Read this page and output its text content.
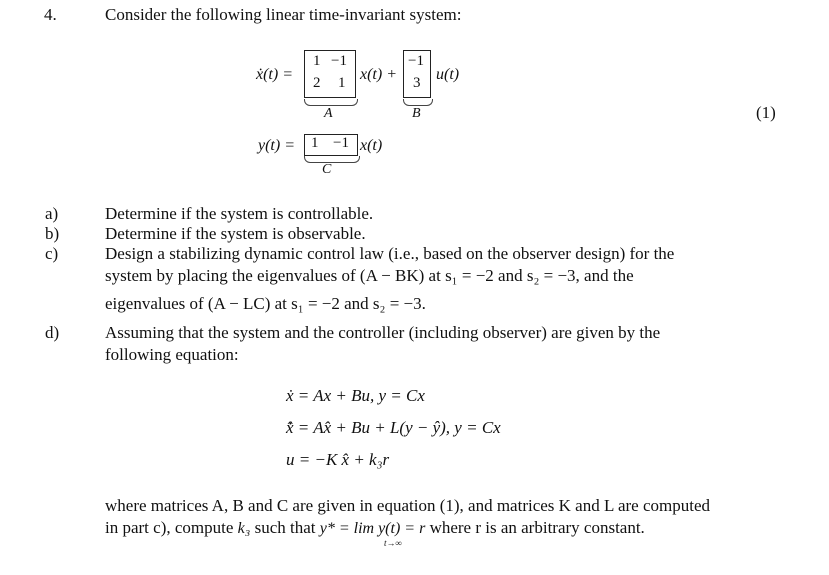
4.	Consider the following linear time-invariant system:
ẋ(t) =
1 −1
2 1
A
x(t) +
−1
3
B
u(t)
(1)
y(t) = 1 −1 x(t)
C
a)	Determine if the system is controllable.
b)	Determine if the system is observable.
c)	Design a stabilizing dynamic control law (i.e., based on the observer design) for the
system by placing the eigenvalues of (A − BK) at s₁ = −2 and s₂ = −3, and the
eigenvalues of (A − LC) at s₁ = −2 and s₂ = −3.
d)	Assuming that the system and the controller (including observer) are given by the
following equation:
ẋ = Ax + Bu, y = Cx
x̂̇ = Ax̂ + Bu + L(y − ŷ), y = Cx
u = −K x̂ + k₃r
where matrices A, B and C are given in equation (1), and matrices K and L are computed
in part c), compute k₃ such that y* = lim y(t) = r where r is an arbitrary constant.
t→∞
